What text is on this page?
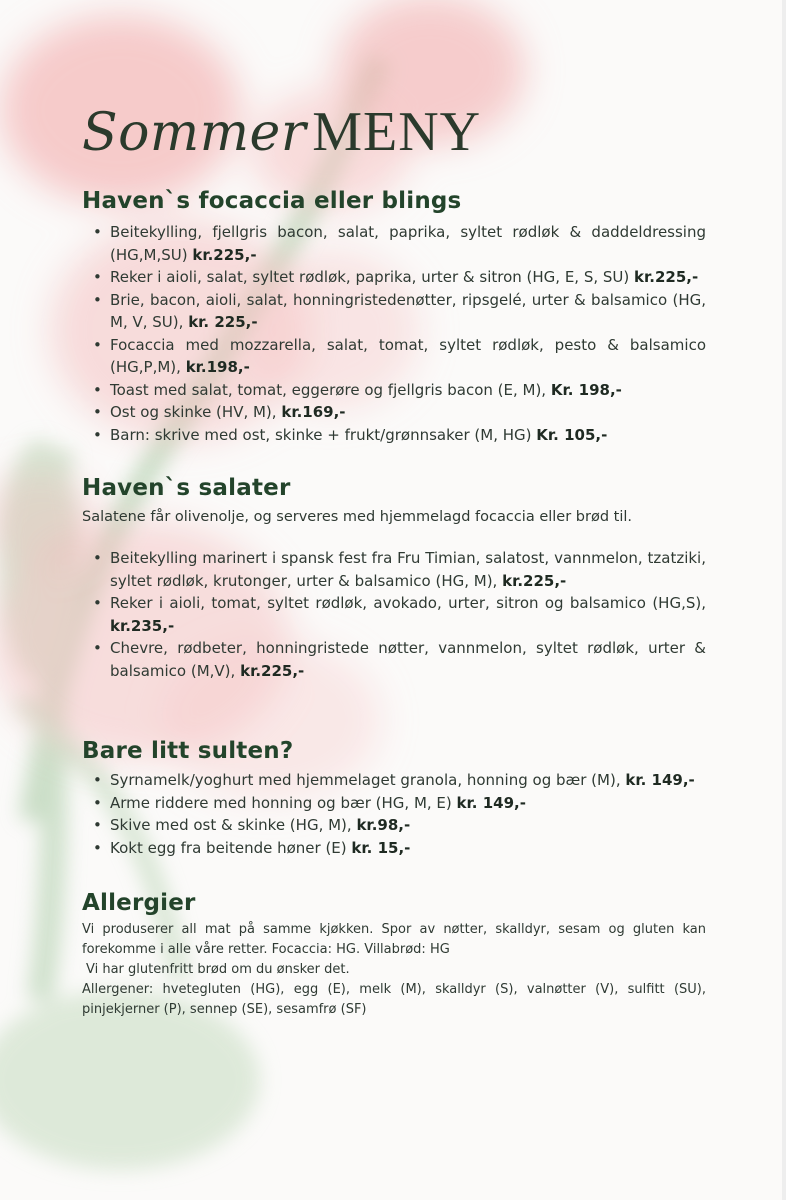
Sommer MENY
Haven`s focaccia eller blings
• Beitekylling, fjellgris bacon, salat, paprika, syltet rødløk & daddeldressing (HG,M,SU) kr.225,-
• Reker i aioli, salat, syltet rødløk, paprika, urter & sitron (HG, E, S, SU) kr.225,-
• Brie, bacon, aioli, salat, honningristedenøtter, ripsgelé, urter & balsamico (HG, M, V, SU), kr. 225,-
• Focaccia med mozzarella, salat, tomat, syltet rødløk, pesto & balsamico (HG,P,M), kr.198,-
• Toast med salat, tomat, eggerøre og fjellgris bacon (E, M), Kr. 198,-
• Ost og skinke (HV, M), kr.169,-
• Barn: skrive med ost, skinke + frukt/grønnsaker (M, HG) Kr. 105,-
Haven`s salater

Salatene får olivenolje, og serveres med hjemmelagd focaccia eller brød til.

• Beitekylling marinert i spansk fest fra Fru Timian, salatost, vannmelon, tzatziki, syltet rødløk, krutonger, urter & balsamico (HG, M), kr.225,-
• Reker i aioli, tomat, syltet rødløk, avokado, urter, sitron og balsamico (HG,S), kr.235,-
• Chevre, rødbeter, honningristede nøtter, vannmelon, syltet rødløk, urter & balsamico (M,V), kr.225,-
Bare litt sulten?
• Syrnamelk/yoghurt med hjemmelaget granola, honning og bær (M), kr. 149,-
• Arme riddere med honning og bær (HG, M, E) kr. 149,-
• Skive med ost & skinke (HG, M), kr.98,-
• Kokt egg fra beitende høner (E) kr. 15,-
Allergier

Vi produserer all mat på samme kjøkken. Spor av nøtter, skalldyr, sesam og gluten kan forekomme i alle våre retter. Focaccia: HG. Villabrød: HG

Vi har glutenfritt brød om du ønsker det.

Allergener: hvetegluten (HG), egg (E), melk (M), skalldyr (S), valnøtter (V), sulfitt (SU), pinjekjerner (P), sennep (SE), sesamfrø (SF)
